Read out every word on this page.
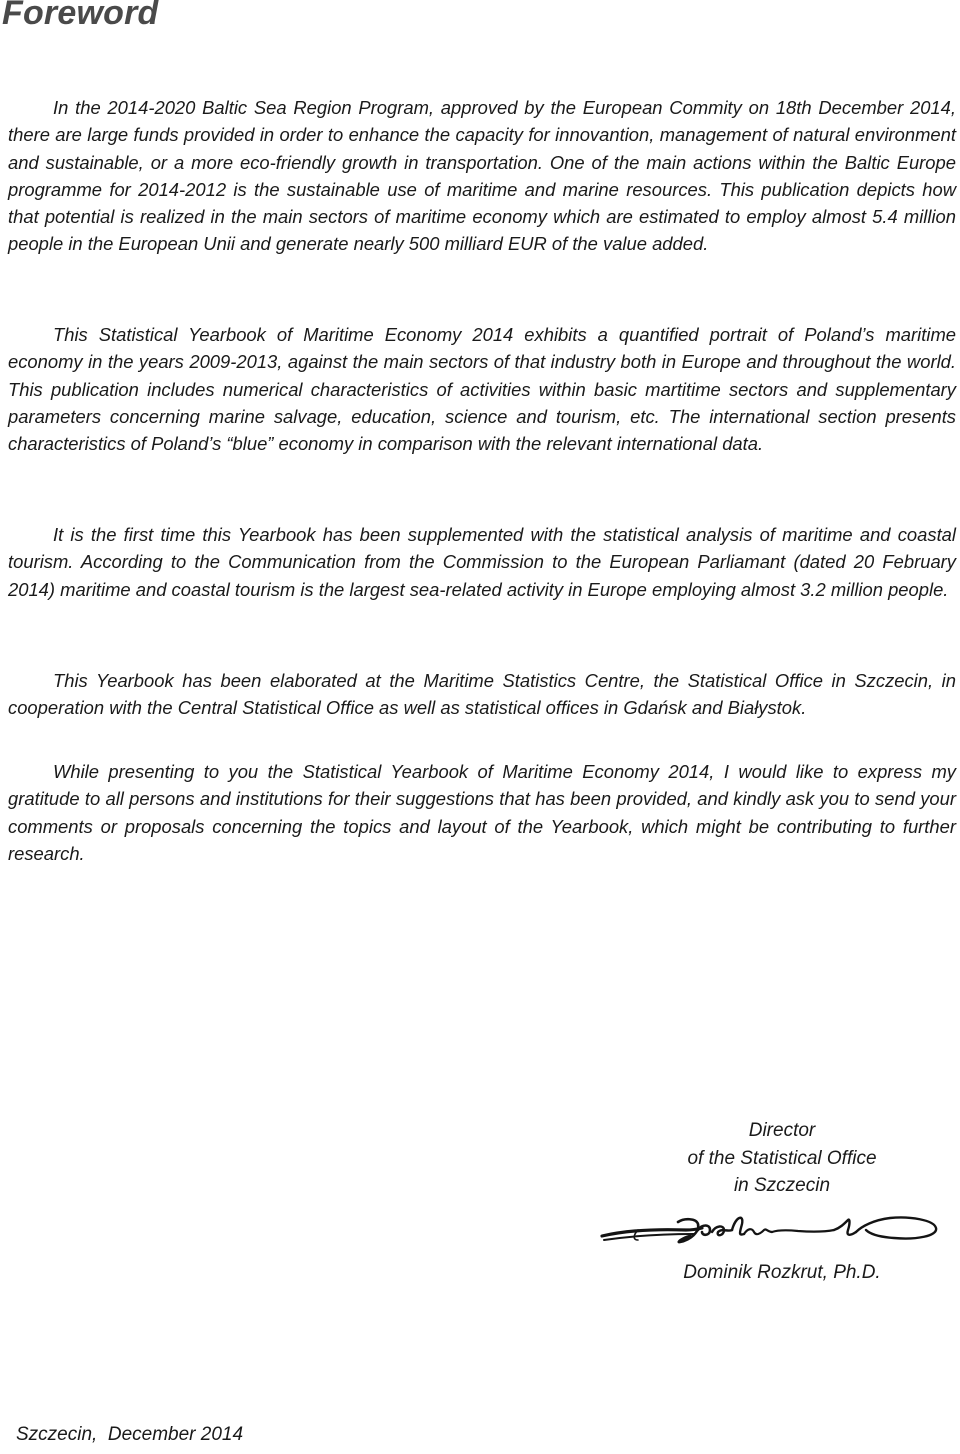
Foreword

In the 2014-2020 Baltic Sea Region Program, approved by the European Commity on 18th December 2014, there are large funds provided in order to enhance the capacity for innovantion, management of natural environment and sustainable, or a more eco-friendly growth in transportation. One of the main actions within the Baltic Europe programme for 2014-2012 is the sustainable use of maritime and marine resources. This publication depicts how that potential is realized in the main sectors of maritime economy which are estimated to employ almost 5.4 million people in the European Unii and generate nearly 500 milliard EUR of the value added.

This Statistical Yearbook of Maritime Economy 2014 exhibits a quantified portrait of Poland’s maritime economy in the years 2009-2013, against the main sectors of that industry both in Europe and throughout the world. This publication includes numerical characteristics of activities within basic martitime sectors and supplementary parameters concerning marine salvage, education, science and tourism, etc. The international section presents characteristics of Poland’s “blue” economy in comparison with the relevant international data.

It is the first time this Yearbook has been supplemented with the statistical analysis of maritime and coastal tourism. According to the Communication from the Commission to the European Parliamant (dated 20 February 2014) maritime and coastal tourism is the largest sea-related activity in Europe employing almost 3.2 million people.

This Yearbook has been elaborated at the Maritime Statistics Centre, the Statistical Office in Szczecin, in cooperation with the Central Statistical Office as well as statistical offices in Gdańsk and Białystok.

While presenting to you the Statistical Yearbook of Maritime Economy 2014, I would like to express my gratitude to all persons and institutions for their suggestions that has been provided, and kindly ask you to send your comments or proposals concerning the topics and layout of the Yearbook, which might be contributing to further research.

Director
of the Statistical Office
in Szczecin
Dominik Rozkrut, Ph.D.
Szczecin,  December 2014
